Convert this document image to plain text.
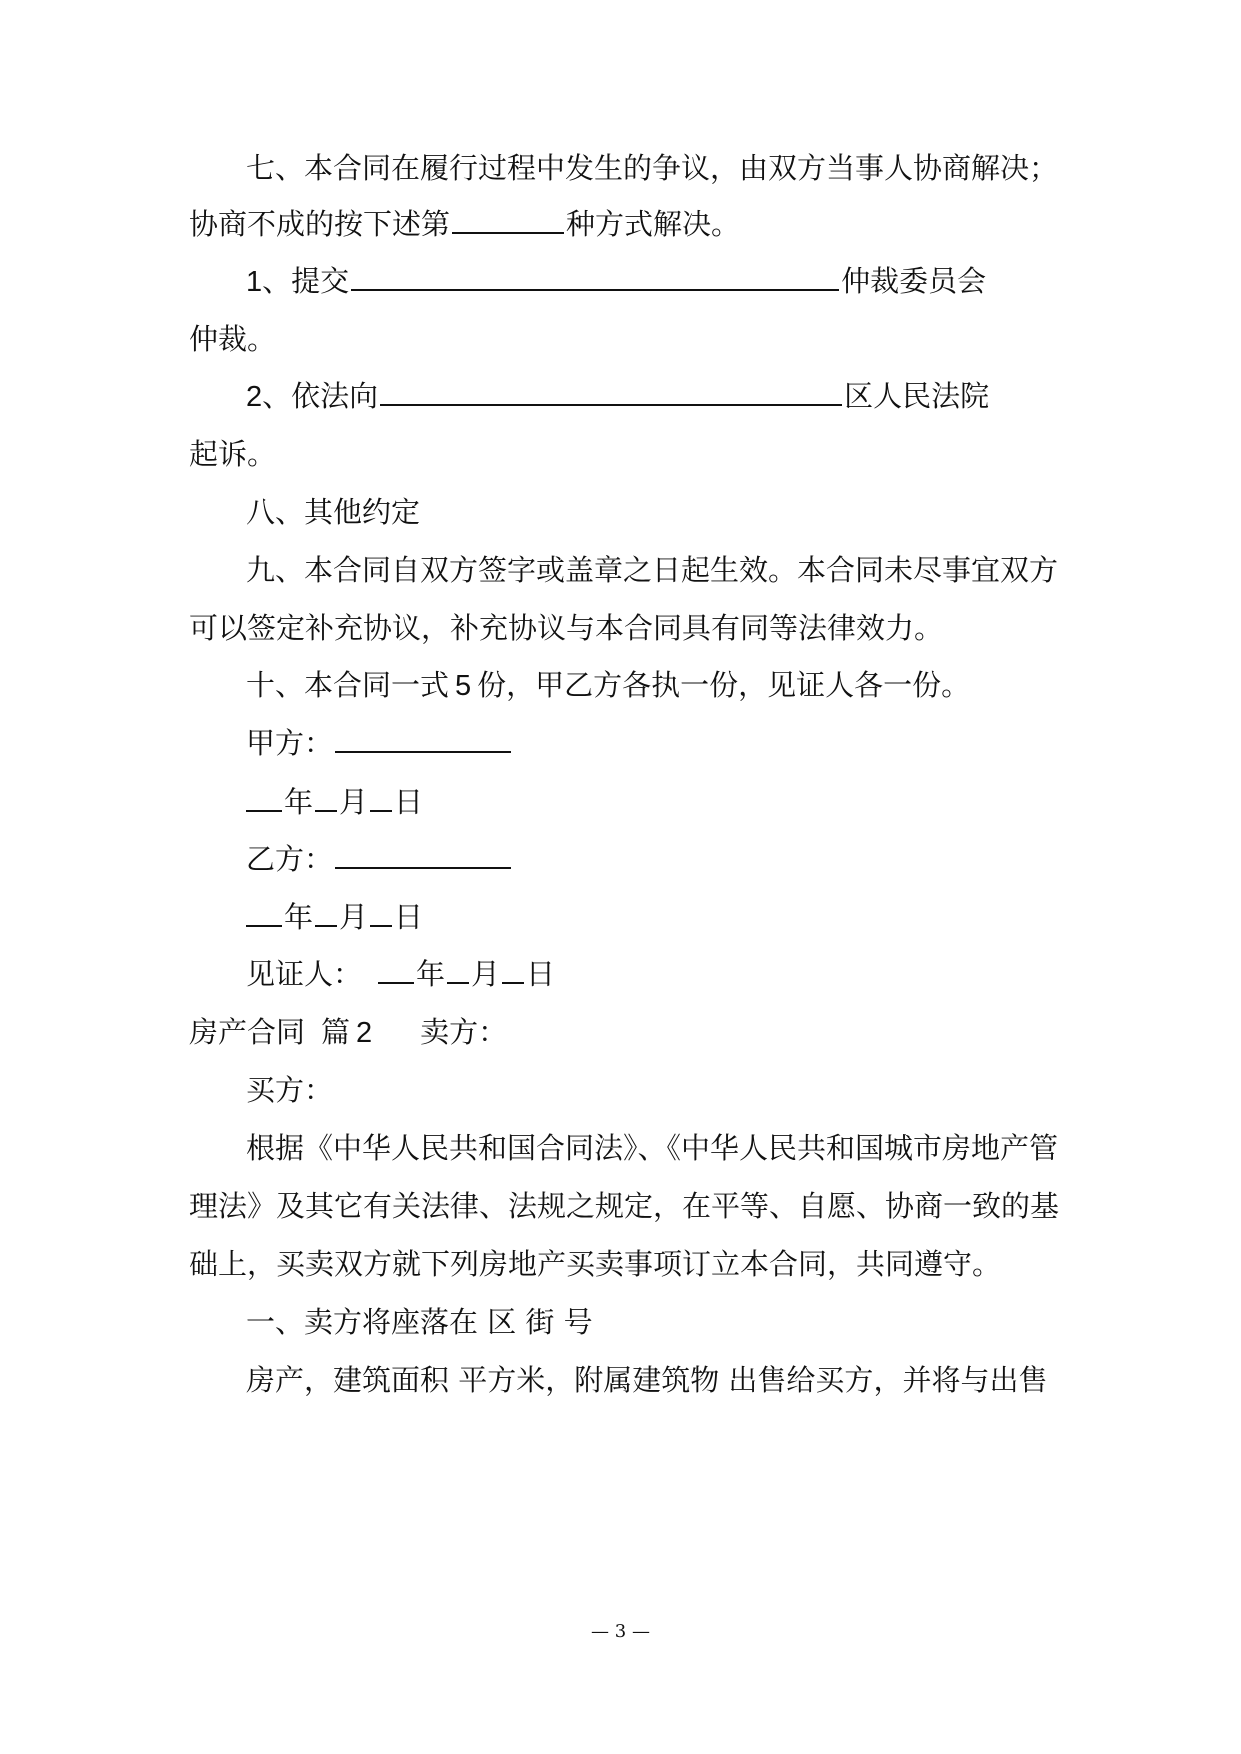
七、本合同在履行过程中发生的争议，由双方当事人协商解决；

协商不成的按下述第	种方式解决。

1、提交	仲裁委员会

仲裁。

2、依法向	区人民法院

起诉。

八、其他约定

九、本合同自双方签字或盖章之日起生效。本合同未尽事宜双方

可以签定补充协议，补充协议与本合同具有同等法律效力。

十、本合同一式 5 份，甲乙方各执一份，见证人各一份。

甲方：

年 月 日

乙方：

年 月 日

见证人： 年 月 日

房产合同 篇 2 卖方：

买方：

根据《中华人民共和国合同法》、《中华人民共和国城市房地产管

理法》及其它有关法律、法规之规定，在平等、自愿、协商一致的基

础上，买卖双方就下列房地产买卖事项订立本合同，共同遵守。

一、卖方将座落在 区 街 号

房产，建筑面积 平方米，附属建筑物 出售给买方，并将与出售

— 3 —
